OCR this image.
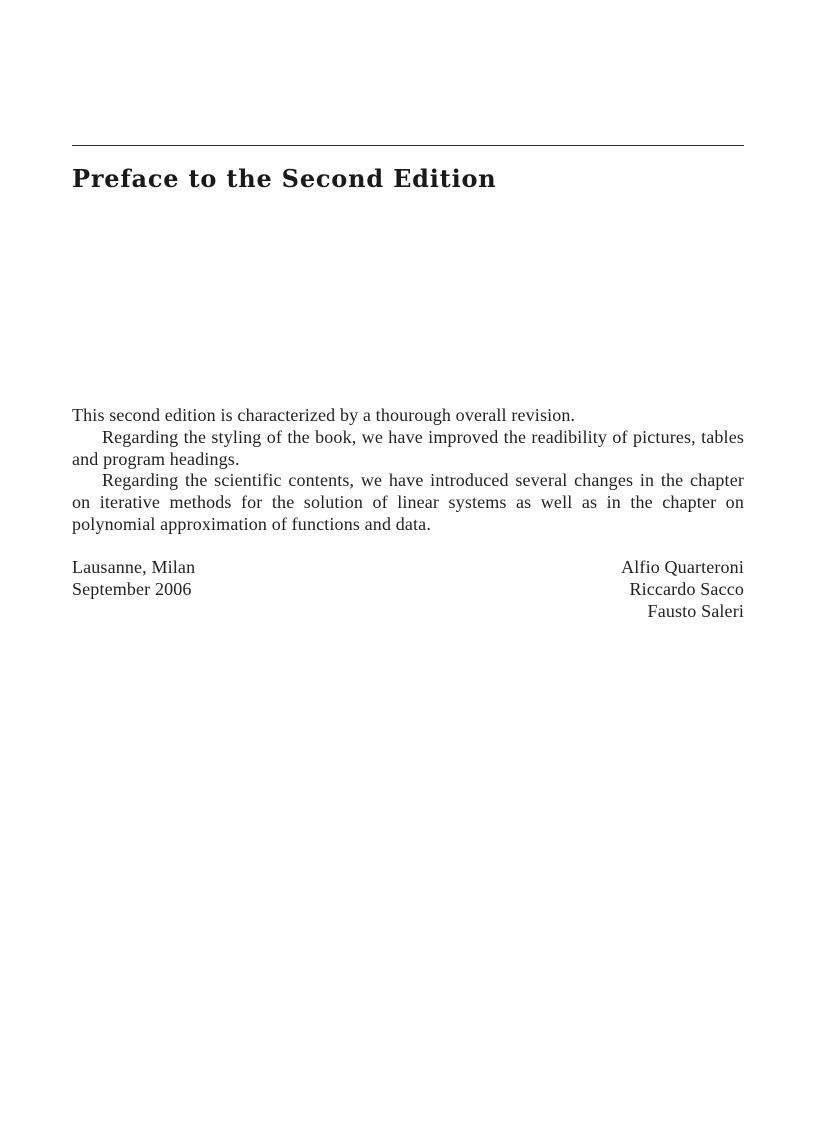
Preface to the Second Edition

This second edition is characterized by a thourough overall revision.

Regarding the styling of the book, we have improved the readibility of pictures, tables and program headings.

Regarding the scientific contents, we have introduced several changes in the chapter on iterative methods for the solution of linear systems as well as in the chapter on polynomial approximation of functions and data.

Lausanne, Milan
September 2006
Alfio Quarteroni
Riccardo Sacco
Fausto Saleri
